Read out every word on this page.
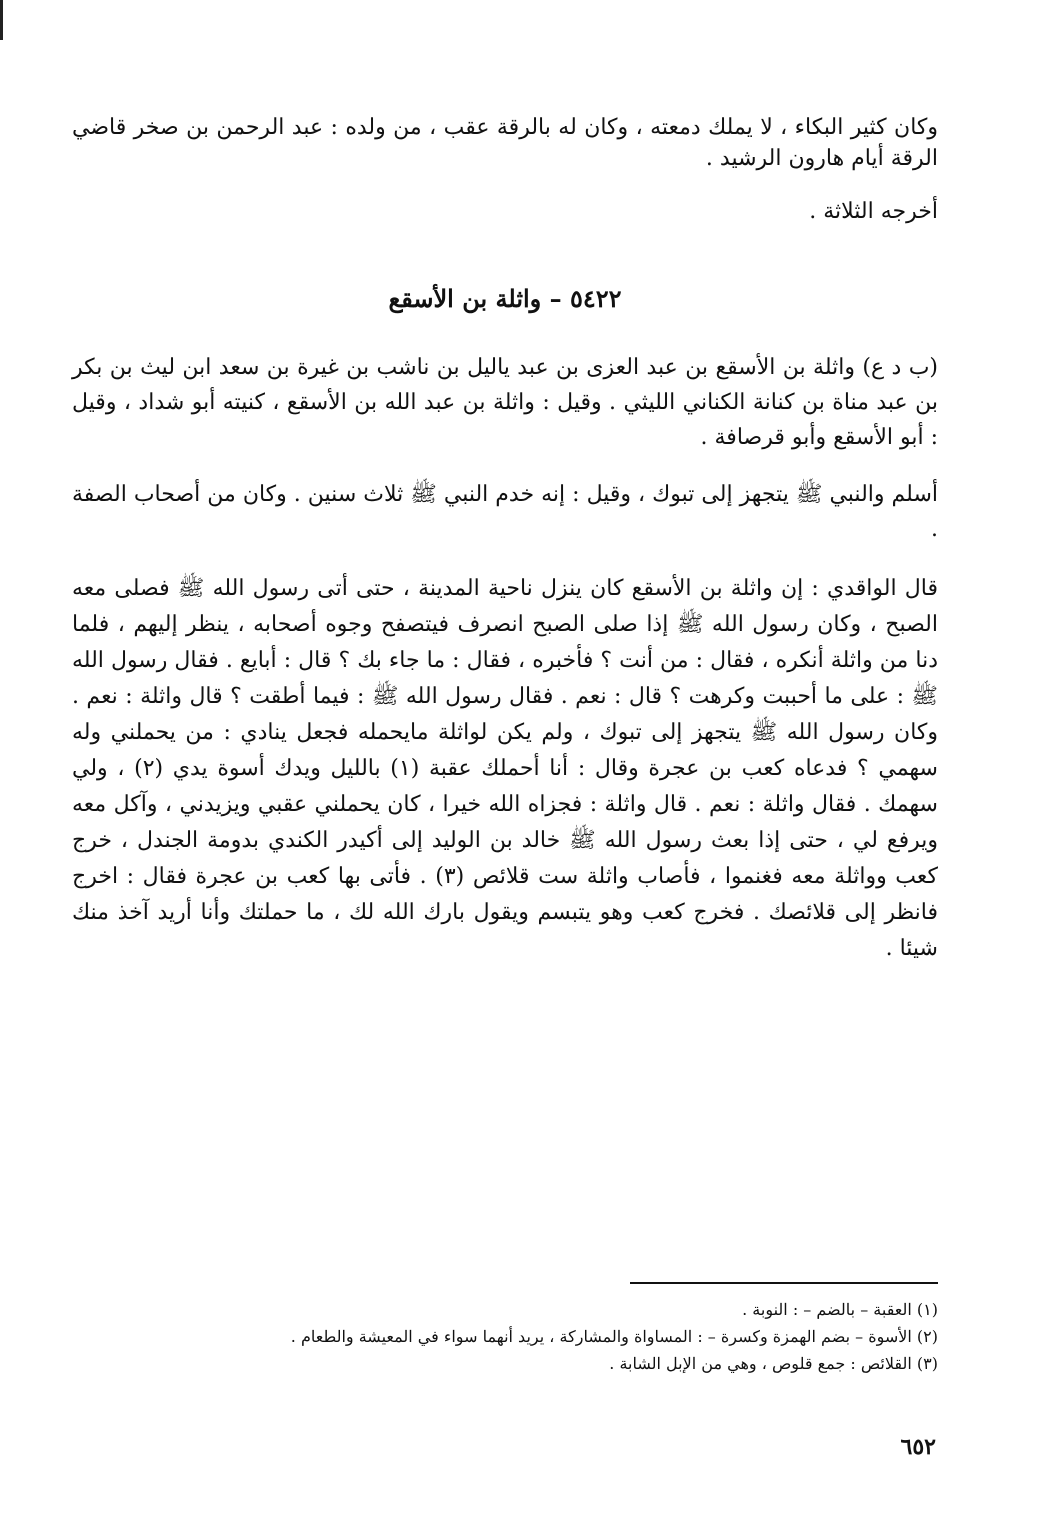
وكان كثير البكاء ، لا يملك دمعته ، وكان له بالرقة عقب ، من ولده : عبد الرحمن بن صخر قاضي الرقة أيام هارون الرشيد .

أخرجه الثلاثة .

٥٤٢٢ – واثلة بن الأسقع

(ب د ع) واثلة بن الأسقع بن عبد العزى بن عبد ياليل بن ناشب بن غيرة بن سعد ابن ليث بن بكر بن عبد مناة بن كنانة الكناني الليثي . وقيل : واثلة بن عبد الله بن الأسقع ، كنيته أبو شداد ، وقيل : أبو الأسقع وأبو قرصافة .

أسلم والنبي ﷺ يتجهز إلى تبوك ، وقيل : إنه خدم النبي ﷺ ثلاث سنين . وكان من أصحاب الصفة .

قال الواقدي : إن واثلة بن الأسقع كان ينزل ناحية المدينة ، حتى أتى رسول الله ﷺ فصلى معه الصبح ، وكان رسول الله ﷺ إذا صلى الصبح انصرف فيتصفح وجوه أصحابه ، ينظر إليهم ، فلما دنا من واثلة أنكره ، فقال : من أنت ؟ فأخبره ، فقال : ما جاء بك ؟ قال : أبايع . فقال رسول الله ﷺ : على ما أحببت وكرهت ؟ قال : نعم . فقال رسول الله ﷺ : فيما أطقت ؟ قال واثلة : نعم . وكان رسول الله ﷺ يتجهز إلى تبوك ، ولم يكن لواثلة مايحمله فجعل ينادي : من يحملني وله سهمي ؟ فدعاه كعب بن عجرة وقال : أنا أحملك عقبة (١) بالليل ويدك أسوة يدي (٢) ، ولي سهمك . فقال واثلة : نعم . قال واثلة : فجزاه الله خيرا ، كان يحملني عقبي ويزيدني ، وآكل معه ويرفع لي ، حتى إذا بعث رسول الله ﷺ خالد بن الوليد إلى أكيدر الكندي بدومة الجندل ، خرج كعب وواثلة معه فغنموا ، فأصاب واثلة ست قلائص (٣) . فأتى بها كعب بن عجرة فقال : اخرج فانظر إلى قلائصك . فخرج كعب وهو يتبسم ويقول بارك الله لك ، ما حملتك وأنا أريد آخذ منك شيئا .

(١) العقبة – بالضم – : النوبة .

(٢) الأسوة – بضم الهمزة وكسرة – : المساواة والمشاركة ، يريد أنهما سواء في المعيشة والطعام .

(٣) القلائص : جمع قلوص ، وهي من الإبل الشابة .

٦٥٢
